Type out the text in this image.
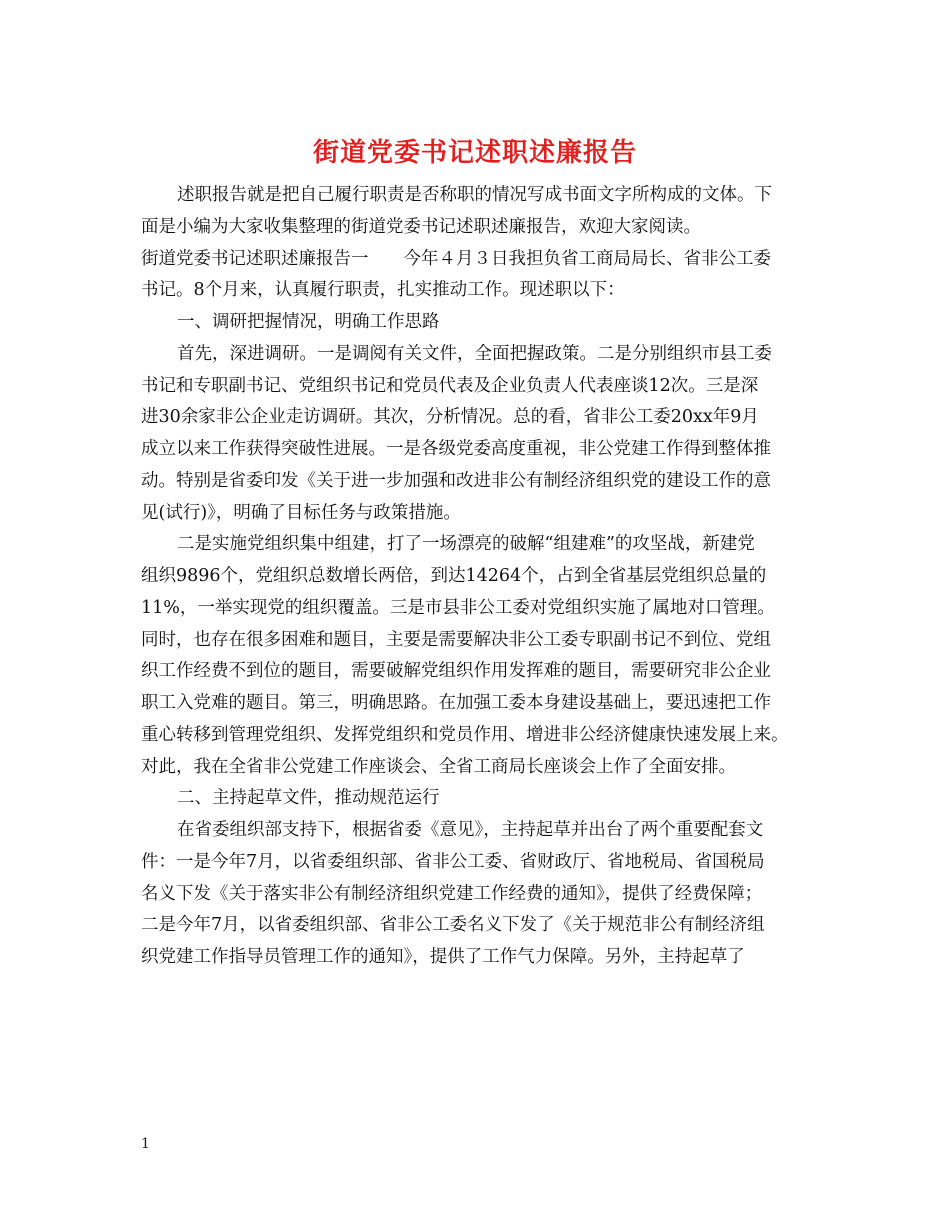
街道党委书记述职述廉报告
述职报告就是把自己履行职责是否称职的情况写成书面文字所构成的文体。下
面是小编为大家收集整理的街道党委书记述职述廉报告，欢迎大家阅读。
街道党委书记述职述廉报告一　　今年４月３日我担负省工商局局长、省非公工委
书记。8个月来，认真履行职责，扎实推动工作。现述职以下：
一、调研把握情况，明确工作思路
首先，深进调研。一是调阅有关文件，全面把握政策。二是分别组织市县工委
书记和专职副书记、党组织书记和党员代表及企业负责人代表座谈12次。三是深
进30余家非公企业走访调研。其次，分析情况。总的看，省非公工委20xx年9月
成立以来工作获得突破性进展。一是各级党委高度重视，非公党建工作得到整体推
动。特别是省委印发《关于进一步加强和改进非公有制经济组织党的建设工作的意
见(试行)》，明确了目标任务与政策措施。
二是实施党组织集中组建，打了一场漂亮的破解“组建难”的攻坚战，新建党
组织9896个，党组织总数增长两倍，到达14264个，占到全省基层党组织总量的
11%，一举实现党的组织覆盖。三是市县非公工委对党组织实施了属地对口管理。
同时，也存在很多困难和题目，主要是需要解决非公工委专职副书记不到位、党组
织工作经费不到位的题目，需要破解党组织作用发挥难的题目，需要研究非公企业
职工入党难的题目。第三，明确思路。在加强工委本身建设基础上，要迅速把工作
重心转移到管理党组织、发挥党组织和党员作用、增进非公经济健康快速发展上来。
对此，我在全省非公党建工作座谈会、全省工商局长座谈会上作了全面安排。
二、主持起草文件，推动规范运行
在省委组织部支持下，根据省委《意见》，主持起草并出台了两个重要配套文
件：一是今年7月，以省委组织部、省非公工委、省财政厅、省地税局、省国税局
名义下发《关于落实非公有制经济组织党建工作经费的通知》，提供了经费保障；
二是今年7月，以省委组织部、省非公工委名义下发了《关于规范非公有制经济组
织党建工作指导员管理工作的通知》，提供了工作气力保障。另外，主持起草了
1
